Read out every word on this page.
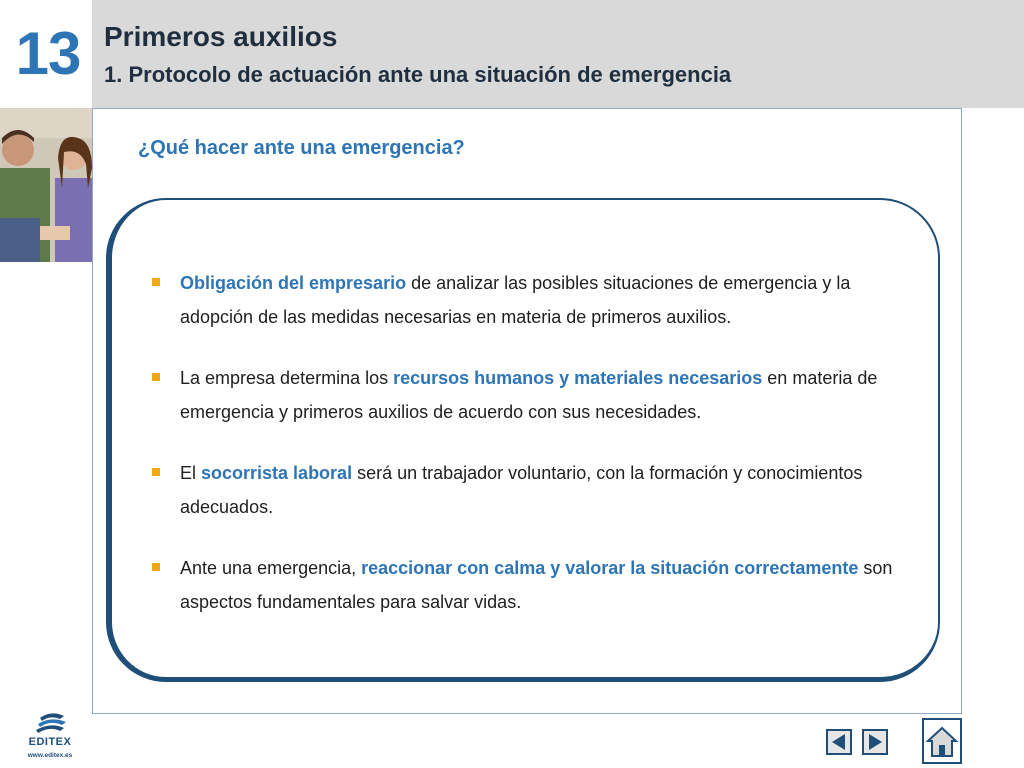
13 Primeros auxilios
1. Protocolo de actuación ante una situación de emergencia
¿Qué hacer ante una emergencia?
Obligación del empresario de analizar las posibles situaciones de emergencia y la adopción de las medidas necesarias en materia de primeros auxilios.
La empresa determina los recursos humanos y materiales necesarios en materia de emergencia y primeros auxilios de acuerdo con sus necesidades.
El socorrista laboral será un trabajador voluntario, con la formación y conocimientos adecuados.
Ante una emergencia, reaccionar con calma y valorar la situación correctamente son aspectos fundamentales para salvar vidas.
EDITEX
www.editex.es
